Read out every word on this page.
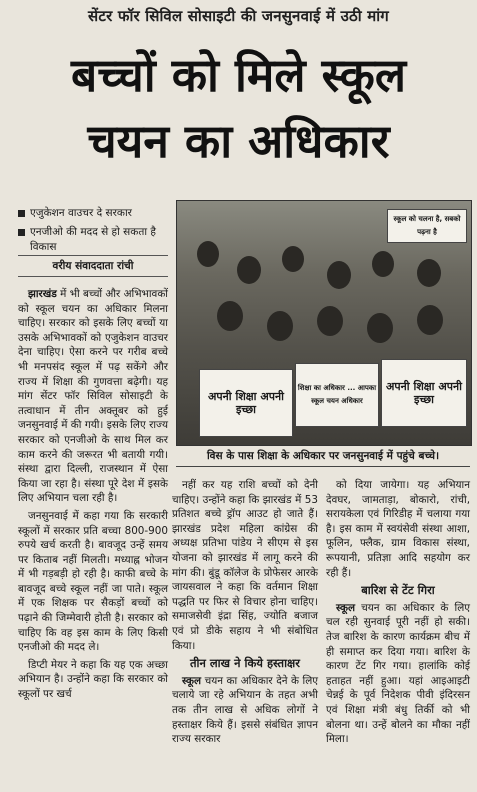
सेंटर फॉर सिविल सोसाइटी की जनसुनवाई में उठी मांग
बच्चों को मिले स्कूल
चयन का अधिकार
एजुकेशन वाउचर दे सरकार
एनजीओ की मदद से हो सकता है विकास
वरीय संवाददाता रांची

झारखंड में भी बच्चों और अभिभावकों को स्कूल चयन का अधिकार मिलना चाहिए। सरकार को इसके लिए बच्चों या उसके अभिभावकों को एजुकेशन वाउचर देना चाहिए। ऐसा करने पर गरीब बच्चे भी मनपसंद स्कूल में पढ़ सकेंगे और राज्य में शिक्षा की गुणवत्ता बढ़ेगी। यह मांग सेंटर फॉर सिविल सोसाइटी के तत्वाधान में तीन अक्तूबर को हुई जनसुनवाई में की गयी। इसके लिए राज्य सरकार को एनजीओ के साथ मिल कर काम करने की जरूरत भी बतायी गयी। संस्था द्वारा दिल्ली, राजस्थान में ऐसा किया जा रहा है। संस्था पूरे देश में इसके लिए अभियान चला रही है।

जनसुनवाई में कहा गया कि सरकारी स्कूलों में सरकार प्रति बच्चा 800-900 रुपये खर्च करती है। बावजूद उन्हें समय पर किताब नहीं मिलती। मध्याह्न भोजन में भी गड़बड़ी हो रही है। काफी बच्चे के बावजूद बच्चे स्कूल नहीं जा पाते। स्कूल में एक शिक्षक पर सैकड़ों बच्चों को पढ़ाने की जिम्मेवारी होती है। सरकार को चाहिए कि वह इस काम के लिए किसी एनजीओ की मदद ले।

डिप्टी मेयर ने कहा कि यह एक अच्छा अभियान है। उन्होंने कहा कि सरकार को स्कूलों पर खर्च

स्कूल को चलना है, सबको पढ़ना है
अपनी शिक्षा अपनी इच्छा
शिक्षा का अधिकार ... आपका स्कूल चयन अधिकार
अपनी शिक्षा अपनी इच्छा
विस के पास शिक्षा के अधिकार पर जनसुनवाई में पहुंचे बच्चे।

नहीं कर यह राशि बच्चों को देनी चाहिए। उन्होंने कहा कि झारखंड में 53 प्रतिशत बच्चे ड्रॉप आउट हो जाते हैं। झारखंड प्रदेश महिला कांग्रेस की अध्यक्ष प्रतिभा पांडेय ने सीएम से इस योजना को झारखंड में लागू करने की मांग की। बुंडू कॉलेज के प्रोफेसर आरके जायसवाल ने कहा कि वर्तमान शिक्षा पद्धति पर फिर से विचार होना चाहिए। समाजसेवी इंद्रा सिंह, ज्योति बजाज एवं प्रो डीके सहाय ने भी संबोधित किया।

तीन लाख ने किये हस्ताक्षर

स्कूल चयन का अधिकार देने के लिए चलाये जा रहे अभियान के तहत अभी तक तीन लाख से अधिक लोगों ने हस्ताक्षर किये हैं। इससे संबंधित ज्ञापन राज्य सरकार

को दिया जायेगा। यह अभियान देवघर, जामताड़ा, बोकारो, रांची, सरायकेला एवं गिरिडीह में चलाया गया है। इस काम में स्वयंसेवी संस्था आशा, फूलिन, फ्लैक, ग्राम विकास संस्था, रूपयानी, प्रतिज्ञा आदि सहयोग कर रही हैं।

बारिश से टेंट गिरा

स्कूल चयन का अधिकार के लिए चल रही सुनवाई पूरी नहीं हो सकी। तेज बारिश के कारण कार्यक्रम बीच में ही समाप्त कर दिया गया। बारिश के कारण टेंट गिर गया। हालांकि कोई हताहत नहीं हुआ। यहां आइआइटी चेन्नई के पूर्व निदेशक पीवी इंदिरसन एवं शिक्षा मंत्री बंधु तिर्की को भी बोलना था। उन्हें बोलने का मौका नहीं मिला।
